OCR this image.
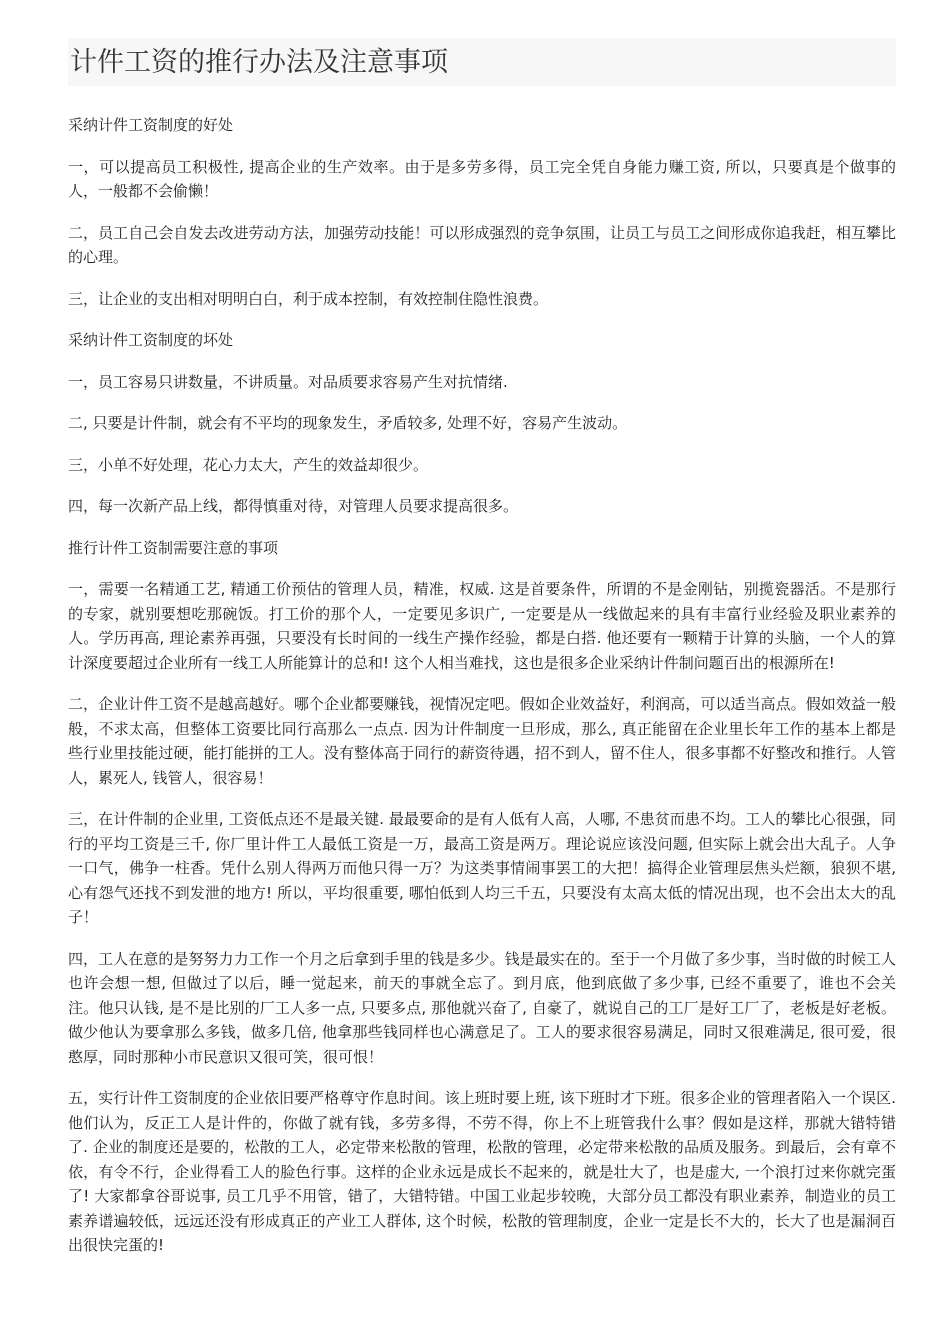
计件工资的推行办法及注意事项

采纳计件工资制度的好处

一，可以提高员工积极性, 提高企业的生产效率。由于是多劳多得，员工完全凭自身能力赚工资, 所以，只要真是个做事的人，一般都不会偷懒！

二，员工自己会自发去改进劳动方法，加强劳动技能！可以形成强烈的竞争氛围，让员工与员工之间形成你追我赶，相互攀比的心理。

三，让企业的支出相对明明白白，利于成本控制，有效控制住隐性浪费。

采纳计件工资制度的坏处

一，员工容易只讲数量，不讲质量。对品质要求容易产生对抗情绪.

二, 只要是计件制，就会有不平均的现象发生，矛盾较多, 处理不好，容易产生波动。

三，小单不好处理，花心力太大，产生的效益却很少。

四，每一次新产品上线，都得慎重对待，对管理人员要求提高很多。

推行计件工资制需要注意的事项

一，需要一名精通工艺, 精通工价预估的管理人员，精准，权威. 这是首要条件，所谓的不是金刚钻，别揽瓷器活。不是那行的专家，就别要想吃那碗饭。打工价的那个人，一定要见多识广, 一定要是从一线做起来的具有丰富行业经验及职业素养的人。学历再高, 理论素养再强，只要没有长时间的一线生产操作经验，都是白搭. 他还要有一颗精于计算的头脑，一个人的算计深度要超过企业所有一线工人所能算计的总和! 这个人相当难找，这也是很多企业采纳计件制问题百出的根源所在!

二，企业计件工资不是越高越好。哪个企业都要赚钱，视情况定吧。假如企业效益好，利润高，可以适当高点。假如效益一般般，不求太高，但整体工资要比同行高那么一点点. 因为计件制度一旦形成，那么, 真正能留在企业里长年工作的基本上都是些行业里技能过硬，能打能拼的工人。没有整体高于同行的薪资待遇，招不到人，留不住人，很多事都不好整改和推行。人管人，累死人, 钱管人，很容易！

三，在计件制的企业里, 工资低点还不是最关键. 最最要命的是有人低有人高，人哪, 不患贫而患不均。工人的攀比心很强，同行的平均工资是三千, 你厂里计件工人最低工资是一万，最高工资是两万。理论说应该没问题, 但实际上就会出大乱子。人争一口气，佛争一柱香。凭什么别人得两万而他只得一万？为这类事情闹事罢工的大把！搞得企业管理层焦头烂额，狼狈不堪, 心有怨气还找不到发泄的地方! 所以，平均很重要, 哪怕低到人均三千五，只要没有太高太低的情况出现，也不会出太大的乱子！

四，工人在意的是努努力力工作一个月之后拿到手里的钱是多少。钱是最实在的。至于一个月做了多少事，当时做的时候工人也许会想一想, 但做过了以后，睡一觉起来，前天的事就全忘了。到月底，他到底做了多少事, 已经不重要了，谁也不会关注。他只认钱, 是不是比别的厂工人多一点, 只要多点, 那他就兴奋了, 自豪了，就说自己的工厂是好工厂了，老板是好老板。做少他认为要拿那么多钱，做多几倍, 他拿那些钱同样也心满意足了。工人的要求很容易满足，同时又很难满足, 很可爱，很憨厚，同时那种小市民意识又很可笑，很可恨！

五，实行计件工资制度的企业依旧要严格尊守作息时间。该上班时要上班, 该下班时才下班。很多企业的管理者陷入一个误区. 他们认为，反正工人是计件的，你做了就有钱，多劳多得，不劳不得，你上不上班管我什么事？假如是这样，那就大错特错了. 企业的制度还是要的，松散的工人，必定带来松散的管理，松散的管理，必定带来松散的品质及服务。到最后，会有章不依，有令不行，企业得看工人的脸色行事。这样的企业永远是成长不起来的，就是壮大了，也是虚大, 一个浪打过来你就完蛋了! 大家都拿谷哥说事, 员工几乎不用管，错了，大错特错。中国工业起步较晚，大部分员工都没有职业素养，制造业的员工素养谱遍较低，远远还没有形成真正的产业工人群体, 这个时候，松散的管理制度，企业一定是长不大的，长大了也是漏洞百出很快完蛋的!
